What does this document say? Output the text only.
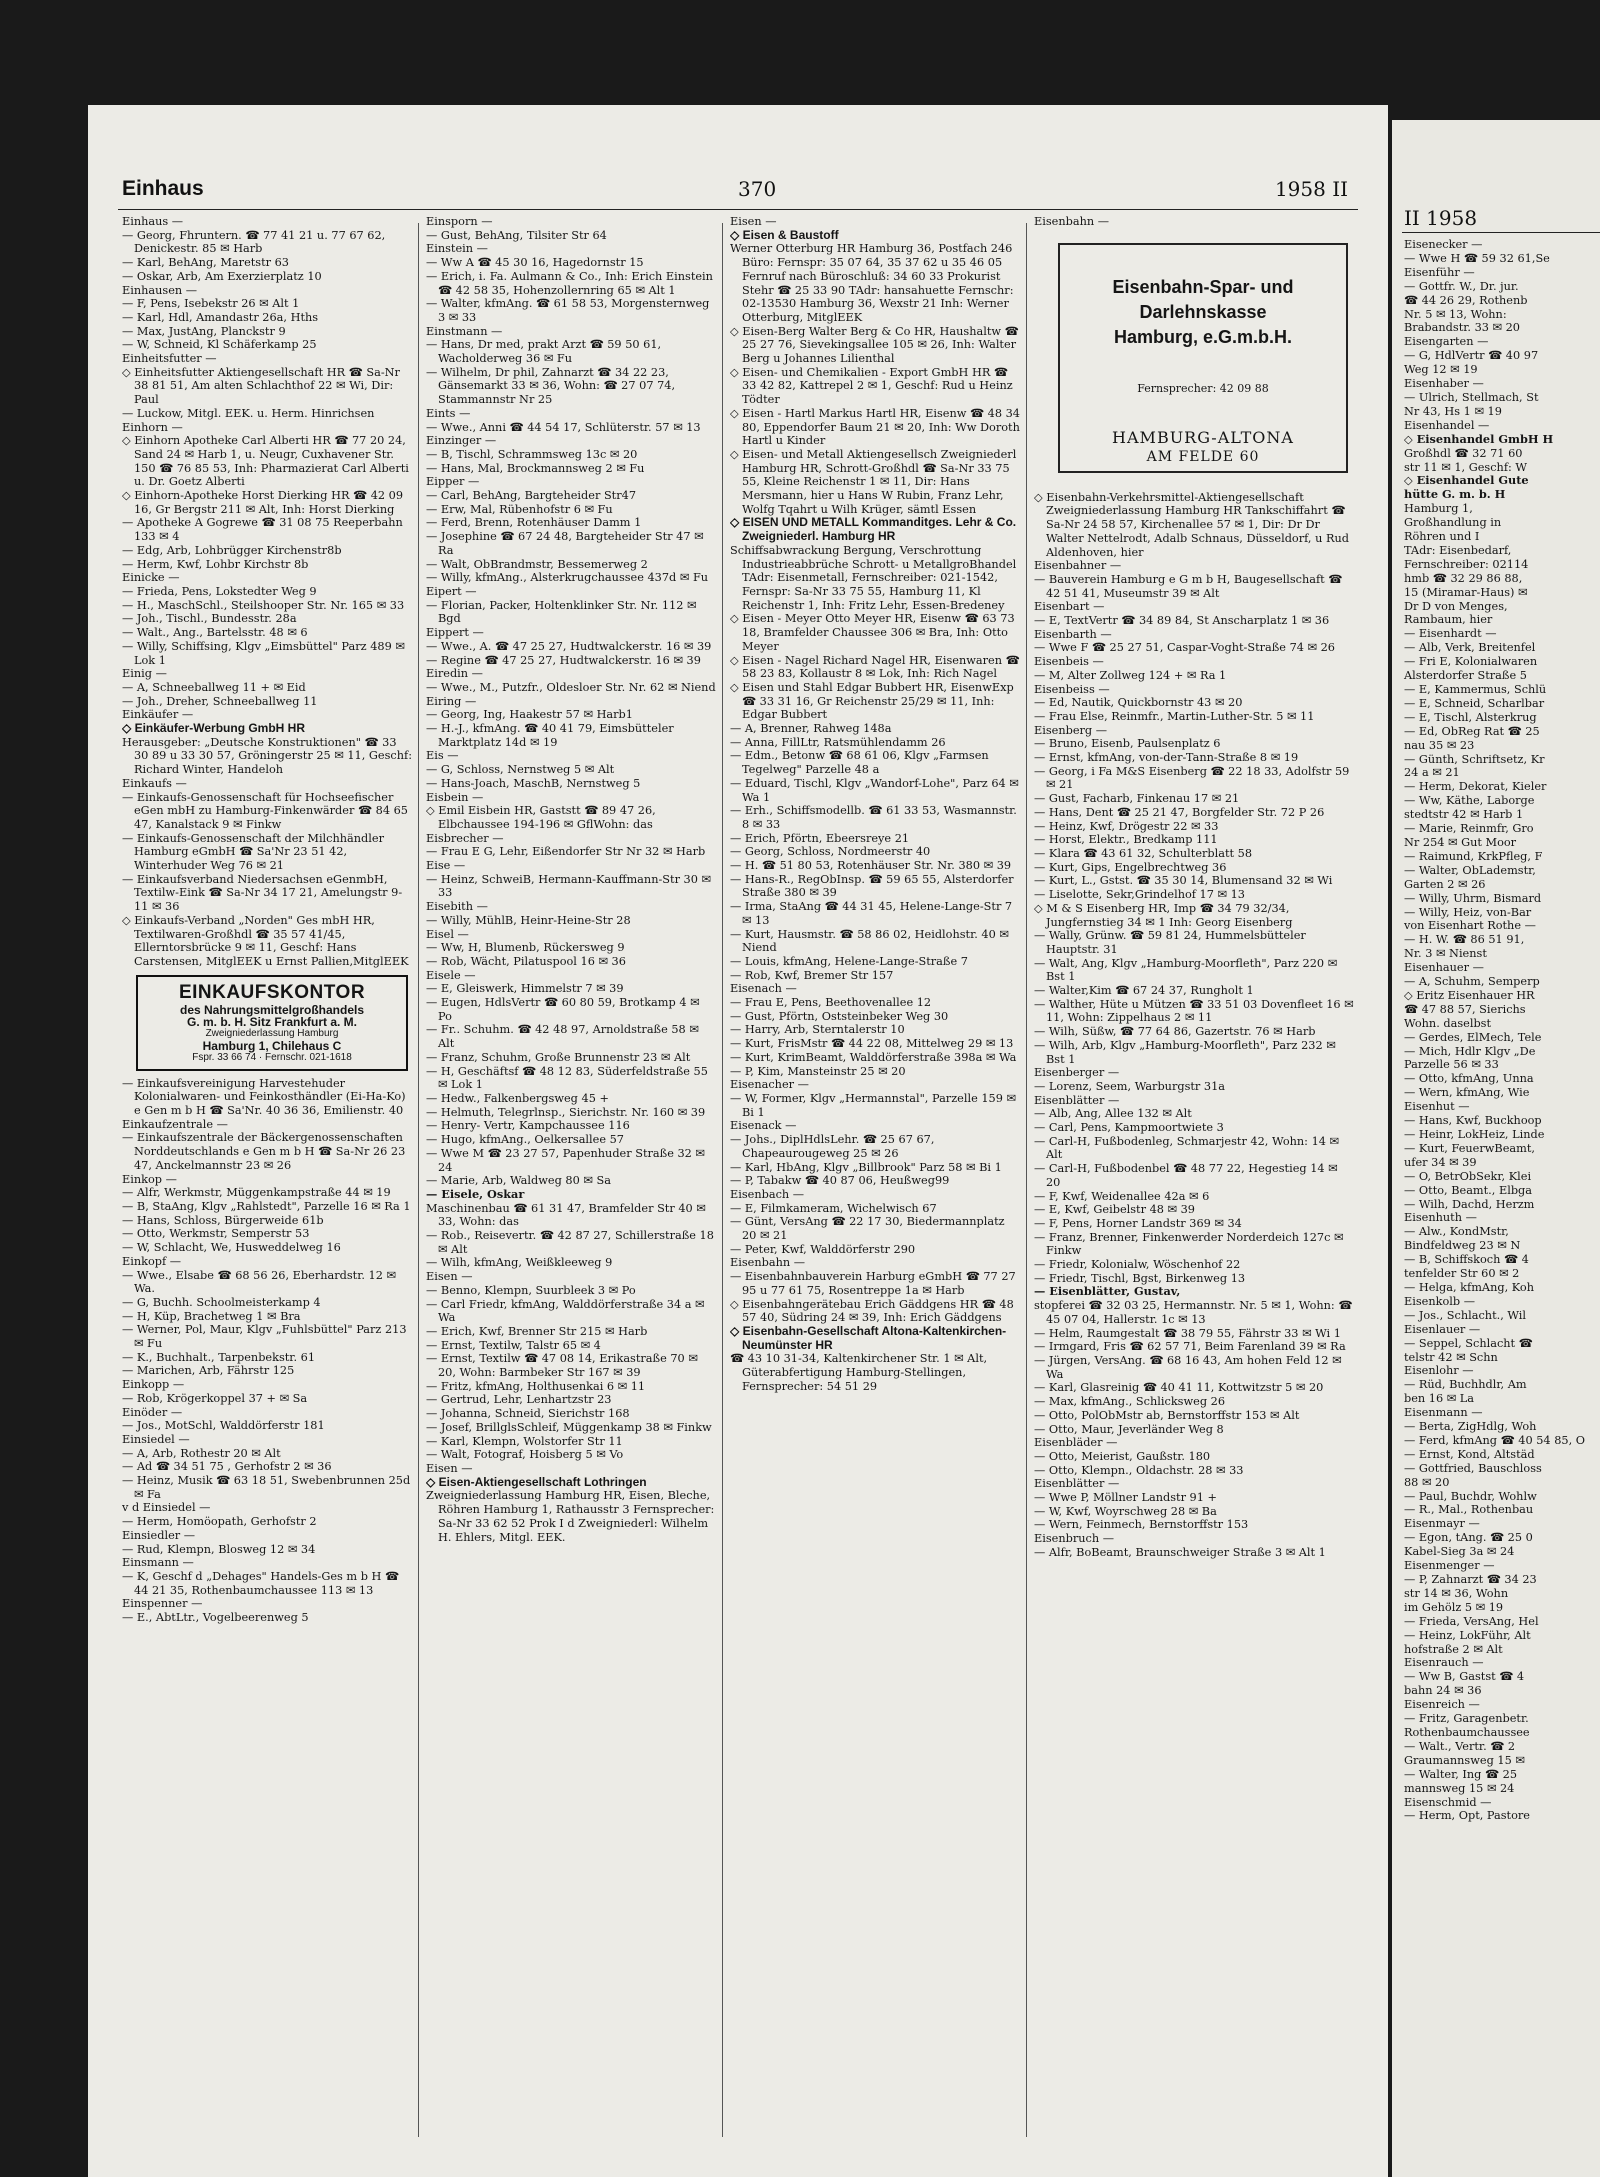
Einhaus	370	1958 II

Einhaus —

— Georg, Fhruntern. ☎ 77 41 21 u. 77 67 62, Denickestr. 85 ✉ Harb

— Karl, BehAng, Maretstr 63

— Oskar, Arb, Am Exerzierplatz 10

Einhausen —

— F, Pens, Isebekstr 26 ✉ Alt 1

— Karl, Hdl, Amandastr 26a, Hths

— Max, JustAng, Planckstr 9

— W, Schneid, Kl Schäferkamp 25

Einheitsfutter —

◇ Einheitsfutter Aktiengesellschaft HR ☎ Sa-Nr 38 81 51, Am alten Schlachthof 22 ✉ Wi, Dir: Paul

— Luckow, Mitgl. EEK. u. Herm. Hinrichsen

Einhorn —

◇ Einhorn Apotheke Carl Alberti HR ☎ 77 20 24, Sand 24 ✉ Harb 1, u. Neugr, Cuxhavener Str. 150 ☎ 76 85 53, Inh: Pharmazierat Carl Alberti u. Dr. Goetz Alberti

◇ Einhorn-Apotheke Horst Dierking HR ☎ 42 09 16, Gr Bergstr 211 ✉ Alt, Inh: Horst Dierking

— Apotheke A Gogrewe ☎ 31 08 75 Reeperbahn 133 ✉ 4

— Edg, Arb, Lohbrügger Kirchenstr8b

— Herm, Kwf, Lohbr Kirchstr 8b

Einicke —

— Frieda, Pens, Lokstedter Weg 9

— H., MaschSchl., Steilshooper Str. Nr. 165 ✉ 33

— Joh., Tischl., Bundesstr. 28a

— Walt., Ang., Bartelsstr. 48 ✉ 6

— Willy, Schiffsing, Klgv „Eimsbüttel" Parz 489 ✉ Lok 1

Einig —

— A, Schneeballweg 11 + ✉ Eid

— Joh., Dreher, Schneeballweg 11

Einkäufer —

◇ Einkäufer-Werbung GmbH HR

Herausgeber: „Deutsche Konstruktionen" ☎ 33 30 89 u 33 30 57, Gröningerstr 25 ✉ 11, Geschf: Richard Winter, Handeloh

Einkaufs —

— Einkaufs-Genossenschaft für Hochseefischer eGen mbH zu Hamburg-Finkenwärder ☎ 84 65 47, Kanalstack 9 ✉ Finkw

— Einkaufs-Genossenschaft der Milchhändler Hamburg eGmbH ☎ Sa'Nr 23 51 42, Winterhuder Weg 76 ✉ 21

— Einkaufsverband Niedersachsen eGenmbH, Textilw-Eink ☎ Sa-Nr 34 17 21, Amelungstr 9-11 ✉ 36

◇ Einkaufs-Verband „Norden" Ges mbH HR, Textilwaren-Großhdl ☎ 35 57 41/45, Ellerntorsbrücke 9 ✉ 11, Geschf: Hans Carstensen, MitglEEK u Ernst Pallien,MitglEEK

EINKAUFSKONTOR
des Nahrungsmittelgroßhandels
G. m. b. H. Sitz Frankfurt a. M.
Zweigniederlassung Hamburg
Hamburg 1, Chilehaus C
Fspr. 33 66 74 · Fernschr. 021-1618

— Einkaufsvereinigung Harvestehuder Kolonialwaren- und Feinkosthändler (Ei-Ha-Ko) e Gen m b H ☎ Sa'Nr. 40 36 36, Emilienstr. 40

Einkaufzentrale —

— Einkaufszentrale der Bäckergenossenschaften Norddeutschlands e Gen m b H ☎ Sa-Nr 26 23 47, Anckelmannstr 23 ✉ 26

Einkop —

— Alfr, Werkmstr, Müggenkampstraße 44 ✉ 19

— B, StaAng, Klgv „Rahlstedt", Parzelle 16 ✉ Ra 1

— Hans, Schloss, Bürgerweide 61b

— Otto, Werkmstr, Semperstr 53

— W, Schlacht, We, Husweddelweg 16

Einkopf —

— Wwe., Elsabe ☎ 68 56 26, Eberhardstr. 12 ✉ Wa.

— G, Buchh. Schoolmeisterkamp 4

— H, Küp, Brachetweg 1 ✉ Bra

— Werner, Pol, Maur, Klgv „Fuhlsbüttel" Parz 213 ✉ Fu

— K., Buchhalt., Tarpenbekstr. 61

— Marichen, Arb, Fährstr 125

Einkopp —

— Rob, Krögerkoppel 37 + ✉ Sa

Einöder —

— Jos., MotSchl, Walddörferstr 181

Einsiedel —

— A, Arb, Rothestr 20 ✉ Alt

— Ad ☎ 34 51 75 , Gerhofstr 2 ✉ 36

— Heinz, Musik ☎ 63 18 51, Swebenbrunnen 25d ✉ Fa

v d Einsiedel —

— Herm, Homöopath, Gerhofstr 2

Einsiedler —

— Rud, Klempn, Blosweg 12 ✉ 34

Einsmann —

— K, Geschf d „Dehages" Handels-Ges m b H ☎ 44 21 35, Rothenbaumchaussee 113 ✉ 13

Einspenner —

— E., AbtLtr., Vogelbeerenweg 5

Einsporn —

— Gust, BehAng, Tilsiter Str 64

Einstein —

— Ww A ☎ 45 30 16, Hagedornstr 15

— Erich, i. Fa. Aulmann & Co., Inh: Erich Einstein ☎ 42 58 35, Hohenzollernring 65 ✉ Alt 1

— Walter, kfmAng. ☎ 61 58 53, Morgensternweg 3 ✉ 33

Einstmann —

— Hans, Dr med, prakt Arzt ☎ 59 50 61, Wacholderweg 36 ✉ Fu

— Wilhelm, Dr phil, Zahnarzt ☎ 34 22 23, Gänsemarkt 33 ✉ 36, Wohn: ☎ 27 07 74, Stammannstr Nr 25

Eints —

— Wwe., Anni ☎ 44 54 17, Schlüterstr. 57 ✉ 13

Einzinger —

— B, Tischl, Schrammsweg 13c ✉ 20

— Hans, Mal, Brockmannsweg 2 ✉ Fu

Eipper —

— Carl, BehAng, Bargteheider Str47

— Erw, Mal, Rübenhofstr 6 ✉ Fu

— Ferd, Brenn, Rotenhäuser Damm 1

— Josephine ☎ 67 24 48, Bargteheider Str 47 ✉ Ra

— Walt, ObBrandmstr, Bessemerweg 2

— Willy, kfmAng., Alsterkrugchaussee 437d ✉ Fu

Eipert —

— Florian, Packer, Holtenklinker Str. Nr. 112 ✉ Bgd

Eippert —

— Wwe., A. ☎ 47 25 27, Hudtwalckerstr. 16 ✉ 39

— Regine ☎ 47 25 27, Hudtwalckerstr. 16 ✉ 39

Eiredin —

— Wwe., M., Putzfr., Oldesloer Str. Nr. 62 ✉ Niend

Eiring —

— Georg, Ing, Haakestr 57 ✉ Harb1

— H.-J., kfmAng. ☎ 40 41 79, Eimsbütteler Marktplatz 14d ✉ 19

Eis —

— G, Schloss, Nernstweg 5 ✉ Alt

— Hans-Joach, MaschB, Nernstweg 5

Eisbein —

◇ Emil Eisbein HR, Gaststt ☎ 89 47 26, Elbchaussee 194-196 ✉ GflWohn: das

Eisbrecher —

— Frau E G, Lehr, Eißendorfer Str Nr 32 ✉ Harb

Eise —

— Heinz, SchweiB, Hermann-Kauffmann-Str 30 ✉ 33

Eisebith —

— Willy, MühlB, Heinr-Heine-Str 28

Eisel —

— Ww, H, Blumenb, Rückersweg 9

— Rob, Wächt, Pilatuspool 16 ✉ 36

Eisele —

— E, Gleiswerk, Himmelstr 7 ✉ 39

— Eugen, HdlsVertr ☎ 60 80 59, Brotkamp 4 ✉ Po

— Fr.. Schuhm. ☎ 42 48 97, Arnoldstraße 58 ✉ Alt

— Franz, Schuhm, Große Brunnenstr 23 ✉ Alt

— H, Geschäftsf ☎ 48 12 83, Süderfeldstraße 55 ✉ Lok 1

— Hedw., Falkenbergsweg 45 +

— Helmuth, Telegrlnsp., Sierichstr. Nr. 160 ✉ 39

— Henry- Vertr, Kampchaussee 116

— Hugo, kfmAng., Oelkersallee 57

— Wwe M ☎ 23 27 57, Papenhuder Straße 32 ✉ 24

— Marie, Arb, Waldweg 80 ✉ Sa

— Eisele, Oskar

Maschinenbau ☎ 61 31 47, Bramfelder Str 40 ✉ 33, Wohn: das

— Rob., Reisevertr. ☎ 42 87 27, Schillerstraße 18 ✉ Alt

— Wilh, kfmAng, Weißkleeweg 9

Eisen —

— Benno, Klempn, Suurbleek 3 ✉ Po

— Carl Friedr, kfmAng, Walddörferstraße 34 a ✉ Wa

— Erich, Kwf, Brenner Str 215 ✉ Harb

— Ernst, Textilw, Talstr 65 ✉ 4

— Ernst, Textilw ☎ 47 08 14, Erikastraße 70 ✉ 20, Wohn: Barmbeker Str 167 ✉ 39

— Fritz, kfmAng, Holthusenkai 6 ✉ 11

— Gertrud, Lehr, Lenhartzstr 23

— Johanna, Schneid, Sierichstr 168

— Josef, BrillglsSchleif, Müggenkamp 38 ✉ Finkw

— Karl, Klempn, Wolstorfer Str 11

— Walt, Fotograf, Hoisberg 5 ✉ Vo

Eisen —

◇ Eisen-Aktiengesellschaft Lothringen

Zweigniederlassung Hamburg HR, Eisen, Bleche, Röhren Hamburg 1, Rathausstr 3 Fernsprecher: Sa-Nr 33 62 52 Prok I d Zweigniederl: Wilhelm H. Ehlers, Mitgl. EEK.

Eisen —

◇ Eisen & Baustoff

Werner Otterburg HR Hamburg 36, Postfach 246 Büro: Fernspr: 35 07 64, 35 37 62 u 35 46 05 Fernruf nach Büroschluß: 34 60 33 Prokurist Stehr ☎ 25 33 90 TAdr: hansahuette Fernschr: 02-13530 Hamburg 36, Wexstr 21 Inh: Werner Otterburg, MitglEEK

◇ Eisen-Berg Walter Berg & Co HR, Haushaltw ☎ 25 27 76, Sievekingsallee 105 ✉ 26, Inh: Walter Berg u Johannes Lilienthal

◇ Eisen- und Chemikalien - Export GmbH HR ☎ 33 42 82, Kattrepel 2 ✉ 1, Geschf: Rud u Heinz Tödter

◇ Eisen - Hartl Markus Hartl HR, Eisenw ☎ 48 34 80, Eppendorfer Baum 21 ✉ 20, Inh: Ww Doroth Hartl u Kinder

◇ Eisen- und Metall Aktiengesellsch Zweigniederl Hamburg HR, Schrott-Großhdl ☎ Sa-Nr 33 75 55, Kleine Reichenstr 1 ✉ 11, Dir: Hans Mersmann, hier u Hans W Rubin, Franz Lehr, Wolfg Tqahrt u Wilh Krüger, sämtl Essen

◇ EISEN UND METALL Kommanditges. Lehr & Co. Zweigniederl. Hamburg HR

Schiffsabwrackung Bergung, Verschrottung Industrieabbrüche Schrott- u MetallgroBhandel TAdr: Eisenmetall, Fernschreiber: 021-1542, Fernspr: Sa-Nr 33 75 55, Hamburg 11, Kl Reichenstr 1, Inh: Fritz Lehr, Essen-Bredeney

◇ Eisen - Meyer Otto Meyer HR, Eisenw ☎ 63 73 18, Bramfelder Chaussee 306 ✉ Bra, Inh: Otto Meyer

◇ Eisen - Nagel Richard Nagel HR, Eisenwaren ☎ 58 23 83, Kollaustr 8 ✉ Lok, Inh: Rich Nagel

◇ Eisen und Stahl Edgar Bubbert HR, EisenwExp ☎ 33 31 16, Gr Reichenstr 25/29 ✉ 11, Inh: Edgar Bubbert

— A, Brenner, Rahweg 148a

— Anna, FillLtr, Ratsmühlendamm 26

— Edm., Betonw ☎ 68 61 06, Klgv „Farmsen Tegelweg" Parzelle 48 a

— Eduard, Tischl, Klgv „Wandorf-Lohe", Parz 64 ✉ Wa 1

— Erh., Schiffsmodellb. ☎ 61 33 53, Wasmannstr. 8 ✉ 33

— Erich, Pförtn, Ebeersreye 21

— Georg, Schloss, Nordmeerstr 40

— H. ☎ 51 80 53, Rotenhäuser Str. Nr. 380 ✉ 39

— Hans-R., RegObInsp. ☎ 59 65 55, Alsterdorfer Straße 380 ✉ 39

— Irma, StaAng ☎ 44 31 45, Helene-Lange-Str 7 ✉ 13

— Kurt, Hausmstr. ☎ 58 86 02, Heidlohstr. 40 ✉ Niend

— Louis, kfmAng, Helene-Lange-Straße 7

— Rob, Kwf, Bremer Str 157

Eisenach —

— Frau E, Pens, Beethovenallee 12

— Gust, Pförtn, Oststeinbeker Weg 30

— Harry, Arb, Sterntalerstr 10

— Kurt, FrisMstr ☎ 44 22 08, Mittelweg 29 ✉ 13

— Kurt, KrimBeamt, Walddörferstraße 398a ✉ Wa

— P, Kim, Mansteinstr 25 ✉ 20

Eisenacher —

— W, Former, Klgv „Hermannstal", Parzelle 159 ✉ Bi 1

Eisenack —

— Johs., DiplHdlsLehr. ☎ 25 67 67, Chapeaurougeweg 25 ✉ 26

— Karl, HbAng, Klgv „Billbrook" Parz 58 ✉ Bi 1

— P, Tabakw ☎ 40 87 06, Heußweg99

Eisenbach —

— E, Filmkameram, Wichelwisch 67

— Günt, VersAng ☎ 22 17 30, Biedermannplatz 20 ✉ 21

— Peter, Kwf, Walddörferstr 290

Eisenbahn —

— Eisenbahnbauverein Harburg eGmbH ☎ 77 27 95 u 77 61 75, Rosentreppe 1a ✉ Harb

◇ Eisenbahngerätebau Erich Gäddgens HR ☎ 48 57 40, Südring 24 ✉ 39, Inh: Erich Gäddgens

◇ Eisenbahn-Gesellschaft Altona-Kaltenkirchen-Neumünster HR

☎ 43 10 31-34, Kaltenkirchener Str. 1 ✉ Alt, Güterabfertigung Hamburg-Stellingen, Fernsprecher: 54 51 29

Eisenbahn —

Eisenbahn-Spar- und
Darlehnskasse
Hamburg, e.G.m.b.H.
Fernsprecher: 42 09 88
HAMBURG-ALTONA
AM FELDE 60

◇ Eisenbahn-Verkehrsmittel-Aktiengesellschaft Zweigniederlassung Hamburg HR Tankschiffahrt ☎ Sa-Nr 24 58 57, Kirchenallee 57 ✉ 1, Dir: Dr Dr Walter Nettelrodt, Adalb Schnaus, Düsseldorf, u Rud Aldenhoven, hier

Eisenbahner —

— Bauverein Hamburg e G m b H, Baugesellschaft ☎ 42 51 41, Museumstr 39 ✉ Alt

Eisenbart —

— E, TextVertr ☎ 34 89 84, St Anscharplatz 1 ✉ 36

Eisenbarth —

— Wwe F ☎ 25 27 51, Caspar-Voght-Straße 74 ✉ 26

Eisenbeis —

— M, Alter Zollweg 124 + ✉ Ra 1

Eisenbeiss —

— Ed, Nautik, Quickbornstr 43 ✉ 20

— Frau Else, Reinmfr., Martin-Luther-Str. 5 ✉ 11

Eisenberg —

— Bruno, Eisenb, Paulsenplatz 6

— Ernst, kfmAng, von-der-Tann-Straße 8 ✉ 19

— Georg, i Fa M&S Eisenberg ☎ 22 18 33, Adolfstr 59 ✉ 21

— Gust, Facharb, Finkenau 17 ✉ 21

— Hans, Dent ☎ 25 21 47, Borgfelder Str. 72 P 26

— Heinz, Kwf, Drögestr 22 ✉ 33

— Horst, Elektr., Bredkamp 111

— Klara ☎ 43 61 32, Schulterblatt 58

— Kurt, Gips, Engelbrechtweg 36

— Kurt, L., Gstst. ☎ 35 30 14, Blumensand 32 ✉ Wi

— Liselotte, Sekr,Grindelhof 17 ✉ 13

◇ M & S Eisenberg HR, Imp ☎ 34 79 32/34, Jungfernstieg 34 ✉ 1 Inh: Georg Eisenberg

— Wally, Grünw. ☎ 59 81 24, Hummelsbütteler Hauptstr. 31

— Walt, Ang, Klgv „Hamburg-Moorfleth", Parz 220 ✉ Bst 1

— Walter,Kim ☎ 67 24 37, Rungholt 1

— Walther, Hüte u Mützen ☎ 33 51 03 Dovenfleet 16 ✉ 11, Wohn: Zippelhaus 2 ✉ 11

— Wilh, Süßw, ☎ 77 64 86, Gazertstr. 76 ✉ Harb

— Wilh, Arb, Klgv „Hamburg-Moorfleth", Parz 232 ✉ Bst 1

Eisenberger —

— Lorenz, Seem, Warburgstr 31a

Eisenblätter —

— Alb, Ang, Allee 132 ✉ Alt

— Carl, Pens, Kampmoortwiete 3

— Carl-H, Fußbodenleg, Schmarjestr 42, Wohn: 14 ✉ Alt

— Carl-H, Fußbodenbel ☎ 48 77 22, Hegestieg 14 ✉ 20

— F, Kwf, Weidenallee 42a ✉ 6

— E, Kwf, Geibelstr 48 ✉ 39

— F, Pens, Horner Landstr 369 ✉ 34

— Franz, Brenner, Finkenwerder Norderdeich 127c ✉ Finkw

— Friedr, Kolonialw, Wöschenhof 22

— Friedr, Tischl, Bgst, Birkenweg 13

— Eisenblätter, Gustav,

stopferei ☎ 32 03 25, Hermannstr. Nr. 5 ✉ 1, Wohn: ☎ 45 07 04, Hallerstr. 1c ✉ 13

— Helm, Raumgestalt ☎ 38 79 55, Fährstr 33 ✉ Wi 1

— Irmgard, Fris ☎ 62 57 71, Beim Farenland 39 ✉ Ra

— Jürgen, VersAng. ☎ 68 16 43, Am hohen Feld 12 ✉ Wa

— Karl, Glasreinig ☎ 40 41 11, Kottwitzstr 5 ✉ 20

— Max, kfmAng., Schlicksweg 26

— Otto, PolObMstr ab, Bernstorffstr 153 ✉ Alt

— Otto, Maur, Jeverländer Weg 8

Eisenbläder —

— Otto, Meierist, Gaußstr. 180

— Otto, Klempn., Oldachstr. 28 ✉ 33

Eisenblätter —

— Wwe P, Möllner Landstr 91 +

— W, Kwf, Woyrschweg 28 ✉ Ba

— Wern, Feinmech, Bernstorffstr 153

Eisenbruch —

— Alfr, BoBeamt, Braunschweiger Straße 3 ✉ Alt 1

II 1958
Eisenecker —
— Wwe H ☎ 59 32 61,Se
Eisenführ —
— Gottfr. W., Dr. jur.
☎ 44 26 29, Rothenb
Nr. 5 ✉ 13, Wohn:
Brabandstr. 33 ✉ 20
Eisengarten —
— G, HdlVertr ☎ 40 97
Weg 12 ✉ 19
Eisenhaber —
— Ulrich, Stellmach, St
Nr 43, Hs 1 ✉ 19
Eisenhandel —
◇ Eisenhandel GmbH H
Großhdl ☎ 32 71 60
str 11 ✉ 1, Geschf: W
◇ Eisenhandel Gute
hütte G. m. b. H
Hamburg 1,
Großhandlung in
Röhren und I
TAdr: Eisenbedarf,
Fernschreiber: 02114
hmb ☎ 32 29 86 88,
15 (Miramar-Haus) ✉
Dr D von Menges,
Rambaum, hier
— Eisenhardt —
— Alb, Verk, Breitenfel
— Fri E, Kolonialwaren
Alsterdorfer Straße 5
— E, Kammermus, Schlü
— E, Schneid, Scharlbar
— E, Tischl, Alsterkrug
— Ed, ObReg Rat ☎ 25
nau 35 ✉ 23
— Günth, Schriftsetz, Kr
24 a ✉ 21
— Herm, Dekorat, Kieler
— Ww, Käthe, Laborge
stedtstr 42 ✉ Harb 1
— Marie, Reinmfr, Gro
Nr 254 ✉ Gut Moor
— Raimund, KrkPfleg, F
— Walter, ObLademstr,
Garten 2 ✉ 26
— Willy, Uhrm, Bismard
— Willy, Heiz, von-Bar
von Eisenhart Rothe —
— H. W. ☎ 86 51 91,
Nr. 3 ✉ Nienst
Eisenhauer —
— A, Schuhm, Semperp
◇ Eritz Eisenhauer HR
☎ 47 88 57, Sierichs
Wohn. daselbst
— Gerdes, ElMech, Tele
— Mich, Hdlr Klgv „De
Parzelle 56 ✉ 33
— Otto, kfmAng, Unna
— Wern, kfmAng, Wie
Eisenhut —
— Hans, Kwf, Buckhoop
— Heinr, LokHeiz, Linde
— Kurt, FeuerwBeamt,
ufer 34 ✉ 39
— O, BetrObSekr, Klei
— Otto, Beamt., Elbga
— Wilh, Dachd, Herzm
Eisenhuth —
— Alw., KondMstr,
Bindfeldweg 23 ✉ N
— B, Schiffskoch ☎ 4
tenfelder Str 60 ✉ 2
— Helga, kfmAng, Koh
Eisenkolb —
— Jos., Schlacht., Wil
Eisenlauer —
— Seppel, Schlacht ☎
telstr 42 ✉ Schn
Eisenlohr —
— Rüd, Buchhdlr, Am
ben 16 ✉ La
Eisenmann —
— Berta, ZigHdlg, Woh
— Ferd, kfmAng ☎ 40 54 85, O
— Ernst, Kond, Altstäd
— Gottfried, Bauschloss
88 ✉ 20
— Paul, Buchdr, Wohlw
— R., Mal., Rothenbau
Eisenmayr —
— Egon, tAng. ☎ 25 0
Kabel-Sieg 3a ✉ 24
Eisenmenger —
— P, Zahnarzt ☎ 34 23
str 14 ✉ 36, Wohn
im Gehölz 5 ✉ 19
— Frieda, VersAng, Hel
— Heinz, LokFühr, Alt
hofstraße 2 ✉ Alt
Eisenrauch —
— Ww B, Gastst ☎ 4
bahn 24 ✉ 36
Eisenreich —
— Fritz, Garagenbetr.
Rothenbaumchaussee
— Walt., Vertr. ☎ 2
Graumannsweg 15 ✉
— Walter, Ing ☎ 25
mannsweg 15 ✉ 24
Eisenschmid —
— Herm, Opt, Pastore
